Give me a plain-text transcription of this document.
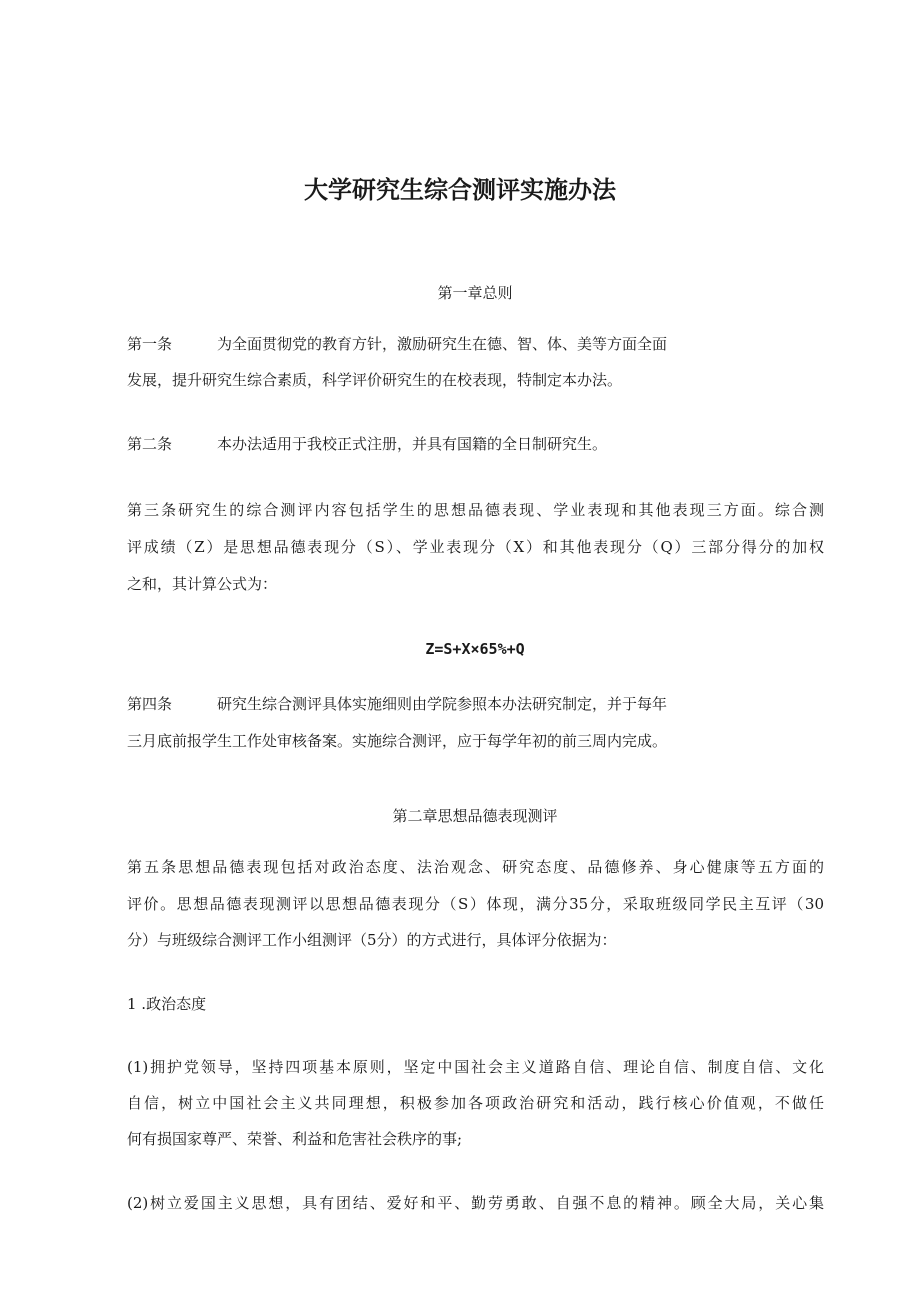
大学研究生综合测评实施办法
第一章总则
第一条	为全面贯彻党的教育方针，激励研究生在德、智、体、美等方面全面
发展，提升研究生综合素质，科学评价研究生的在校表现，特制定本办法。
第二条	本办法适用于我校正式注册，并具有国籍的全日制研究生。
第三条研究生的综合测评内容包括学生的思想品德表现、学业表现和其他表现三方面。综合测
评成绩（Z）是思想品德表现分（S）、学业表现分（X）和其他表现分（Q）三部分得分的加权
之和，其计算公式为：
Z=S+X×65%+Q
第四条	研究生综合测评具体实施细则由学院参照本办法研究制定，并于每年
三月底前报学生工作处审核备案。实施综合测评，应于每学年初的前三周内完成。
第二章思想品德表现测评
第五条思想品德表现包括对政治态度、法治观念、研究态度、品德修养、身心健康等五方面的
评价。思想品德表现测评以思想品德表现分（S）体现，满分35分，采取班级同学民主互评（30
分）与班级综合测评工作小组测评（5分）的方式进行，具体评分依据为：
1 .政治态度
(1)拥护党领导，坚持四项基本原则，坚定中国社会主义道路自信、理论自信、制度自信、文化
自信，树立中国社会主义共同理想，积极参加各项政治研究和活动，践行核心价值观，不做任
何有损国家尊严、荣誉、利益和危害社会秩序的事;
(2)树立爱国主义思想，具有团结、爱好和平、勤劳勇敢、自强不息的精神。顾全大局，关心集
